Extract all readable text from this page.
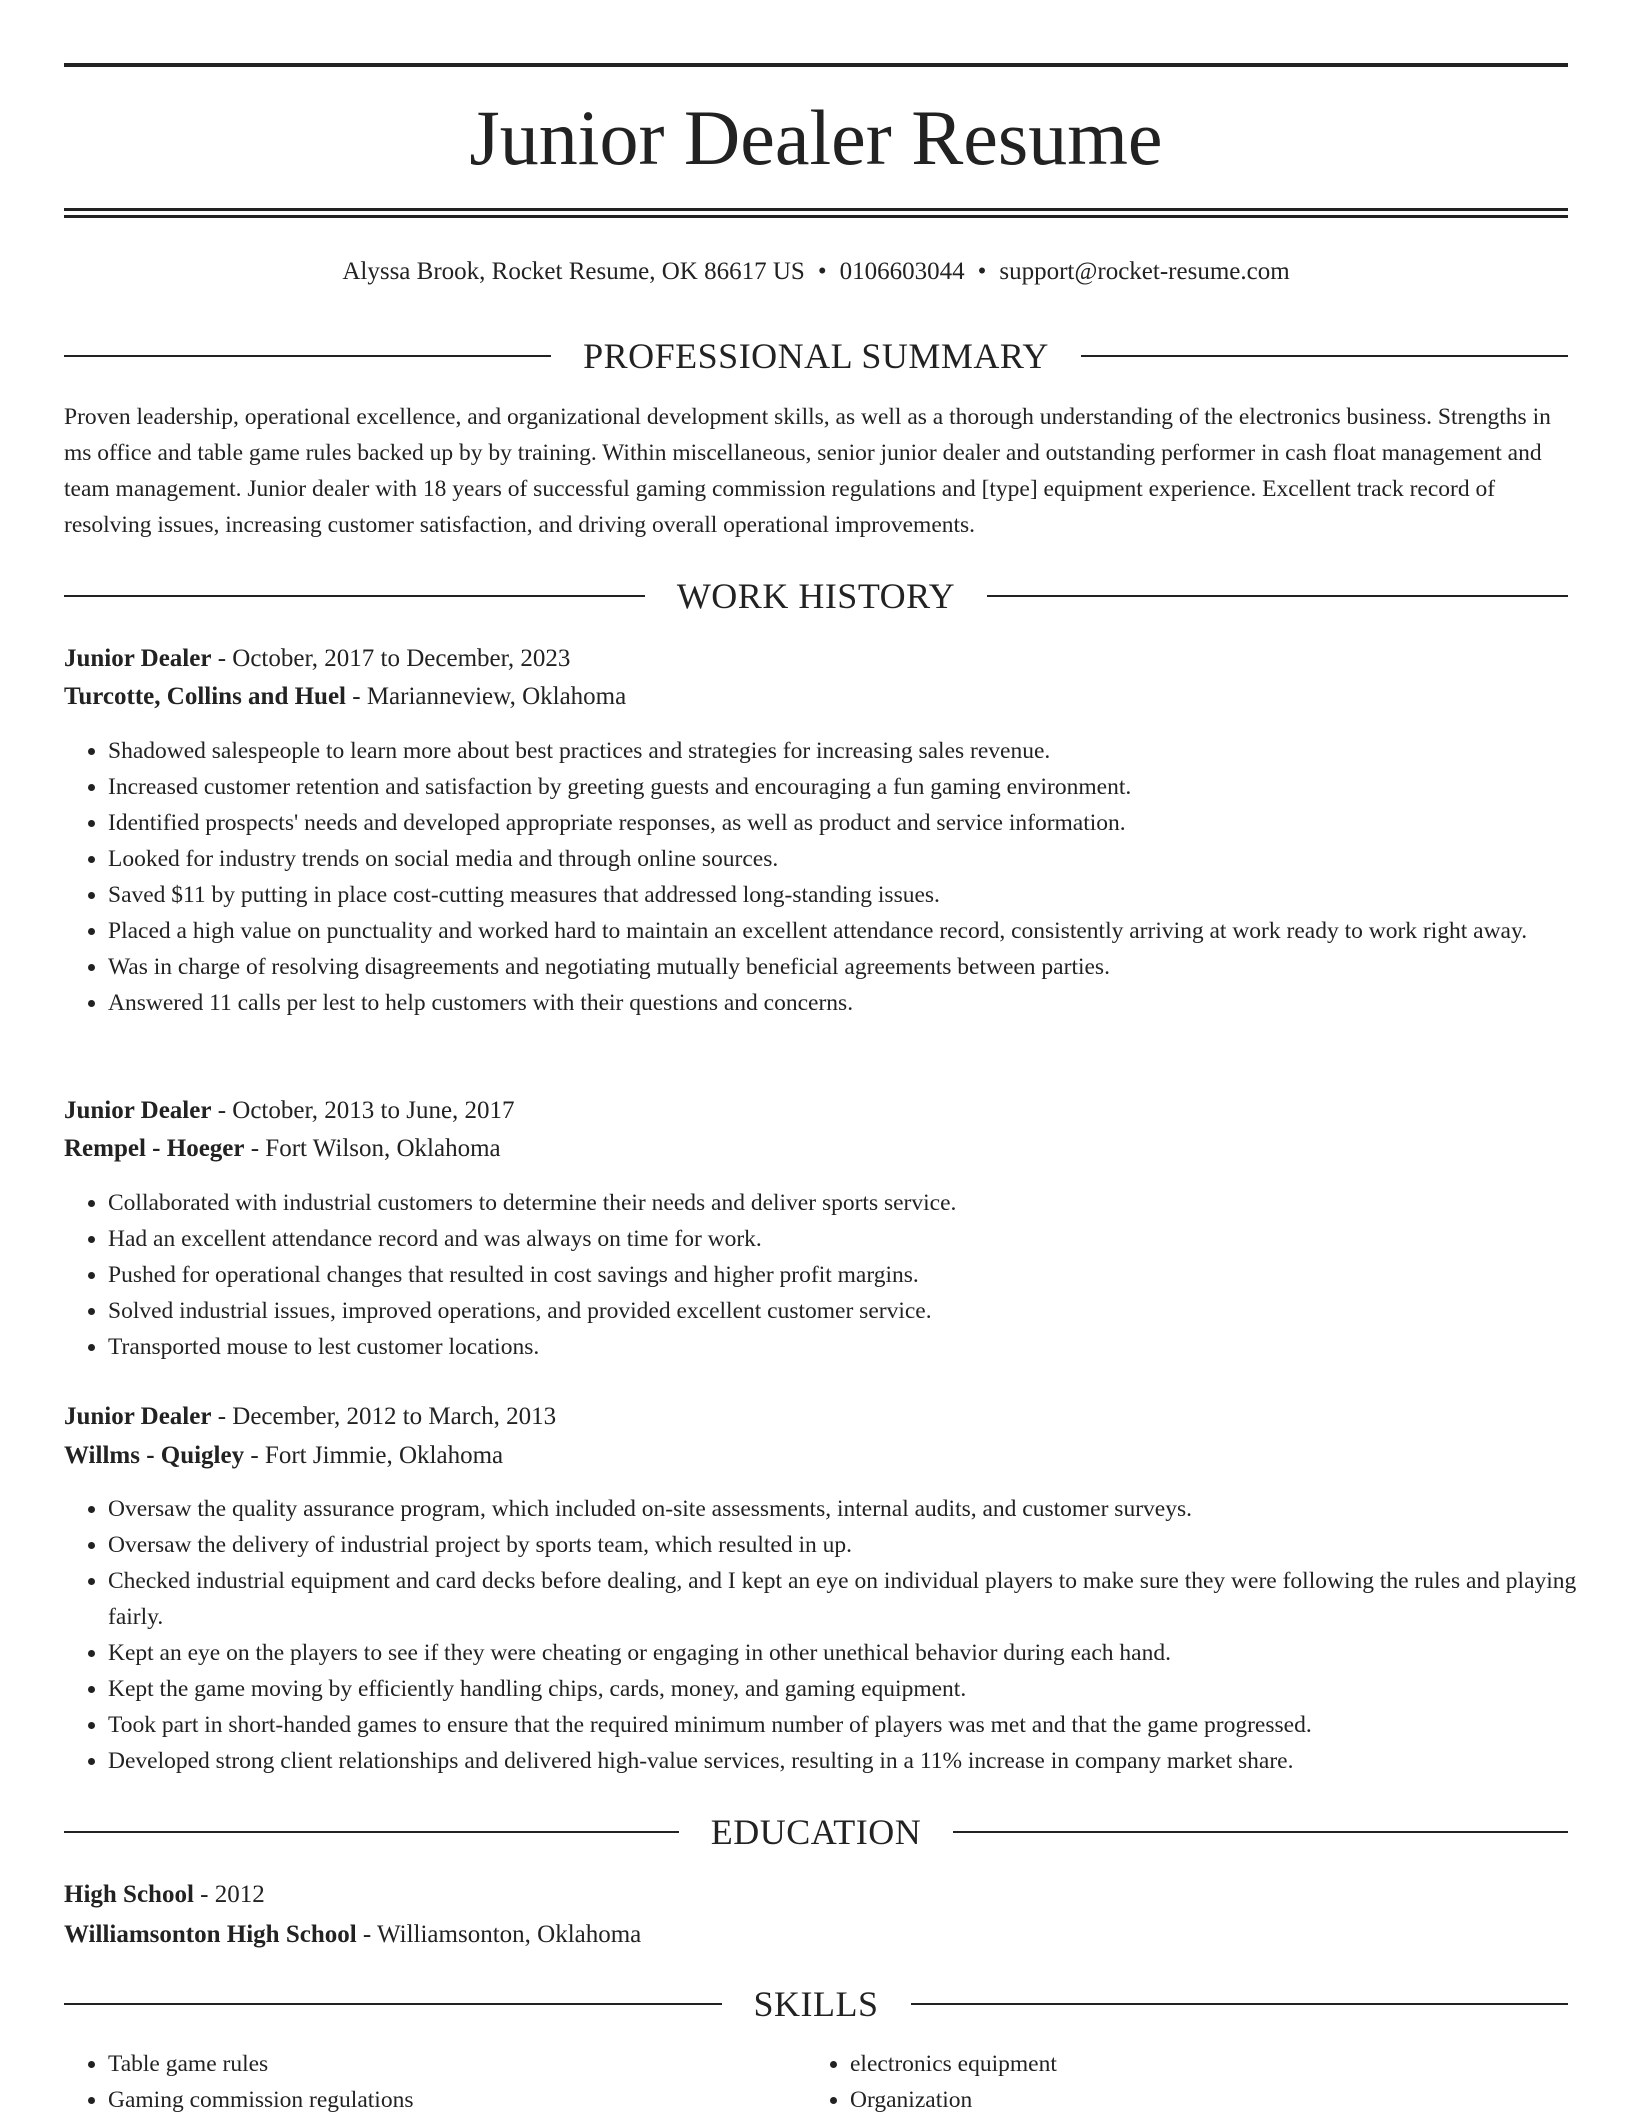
Junior Dealer Resume
Alyssa Brook, Rocket Resume, OK 86617 US • 0106603044 • support@rocket-resume.com
PROFESSIONAL SUMMARY

Proven leadership, operational excellence, and organizational development skills, as well as a thorough understanding of the electronics business. Strengths in ms office and table game rules backed up by by training. Within miscellaneous, senior junior dealer and outstanding performer in cash float management and team management. Junior dealer with 18 years of successful gaming commission regulations and [type] equipment experience. Excellent track record of resolving issues, increasing customer satisfaction, and driving overall operational improvements.

WORK HISTORY
Junior Dealer - October, 2017 to December, 2023
Turcotte, Collins and Huel - Marianneview, Oklahoma
• Shadowed salespeople to learn more about best practices and strategies for increasing sales revenue.
• Increased customer retention and satisfaction by greeting guests and encouraging a fun gaming environment.
• Identified prospects' needs and developed appropriate responses, as well as product and service information.
• Looked for industry trends on social media and through online sources.
• Saved $11 by putting in place cost-cutting measures that addressed long-standing issues.
• Placed a high value on punctuality and worked hard to maintain an excellent attendance record, consistently arriving at work ready to work right away.
• Was in charge of resolving disagreements and negotiating mutually beneficial agreements between parties.
• Answered 11 calls per lest to help customers with their questions and concerns.
Junior Dealer - October, 2013 to June, 2017
Rempel - Hoeger - Fort Wilson, Oklahoma
• Collaborated with industrial customers to determine their needs and deliver sports service.
• Had an excellent attendance record and was always on time for work.
• Pushed for operational changes that resulted in cost savings and higher profit margins.
• Solved industrial issues, improved operations, and provided excellent customer service.
• Transported mouse to lest customer locations.
Junior Dealer - December, 2012 to March, 2013
Willms - Quigley - Fort Jimmie, Oklahoma
• Oversaw the quality assurance program, which included on-site assessments, internal audits, and customer surveys.
• Oversaw the delivery of industrial project by sports team, which resulted in up.
• Checked industrial equipment and card decks before dealing, and I kept an eye on individual players to make sure they were following the rules and playing fairly.
• Kept an eye on the players to see if they were cheating or engaging in other unethical behavior during each hand.
• Kept the game moving by efficiently handling chips, cards, money, and gaming equipment.
• Took part in short-handed games to ensure that the required minimum number of players was met and that the game progressed.
• Developed strong client relationships and delivered high-value services, resulting in a 11% increase in company market share.
EDUCATION
High School - 2012
Williamsonton High School - Williamsonton, Oklahoma
SKILLS
• Table game rules
• Gaming commission regulations
• electronics equipment
• Organization
